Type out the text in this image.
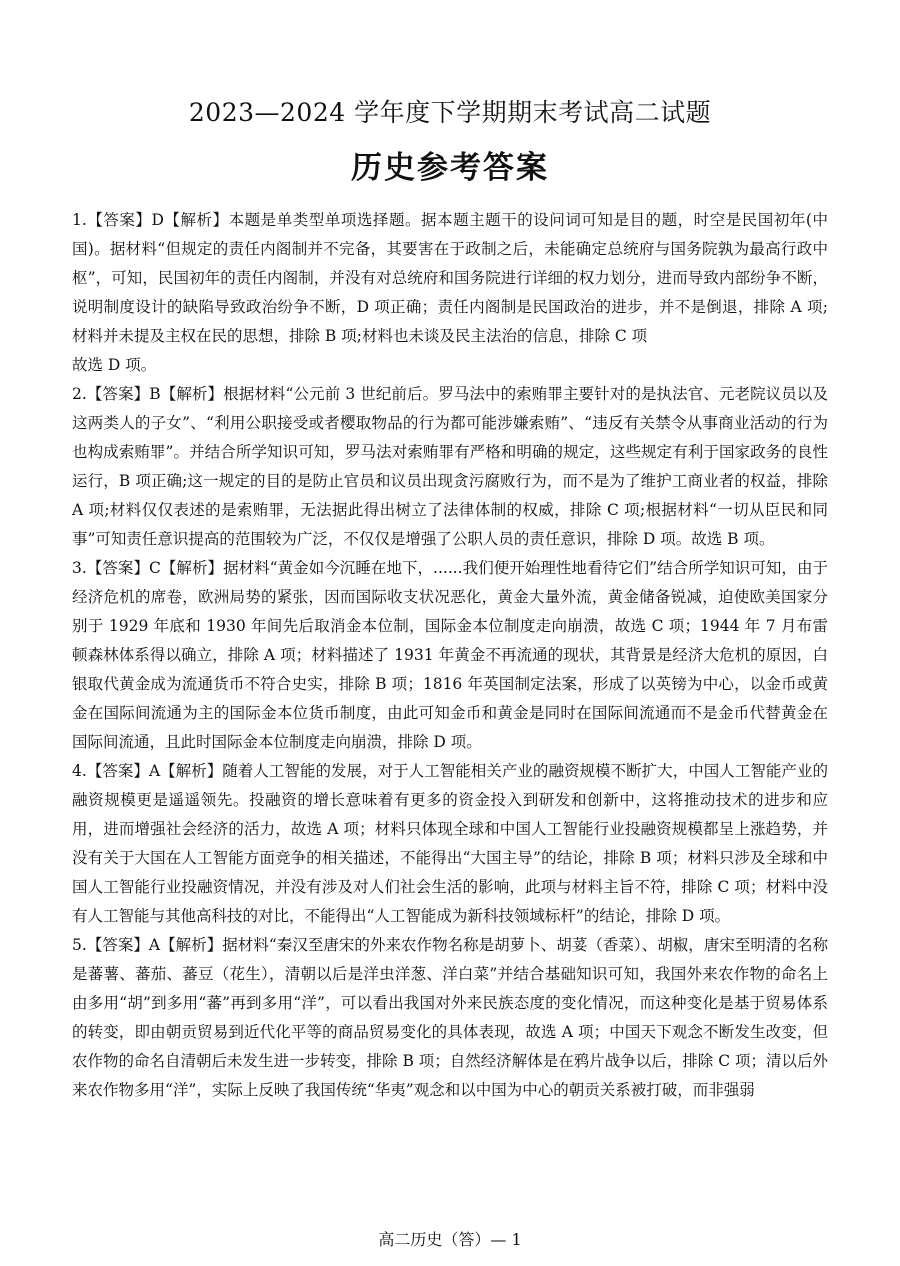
2023—2024 学年度下学期期末考试高二试题
历史参考答案

1.【答案】D【解析】本题是单类型单项选择题。据本题主题干的设问词可知是目的题，时空是民国初年(中国)。据材料“但规定的责任内阁制并不完备，其要害在于政制之后，未能确定总统府与国务院孰为最高行政中枢”，可知，民国初年的责任内阁制，并没有对总统府和国务院进行详细的权力划分，进而导致内部纷争不断，说明制度设计的缺陷导致政治纷争不断，D 项正确；责任内阁制是民国政治的进步，并不是倒退，排除 A 项;材料并未提及主权在民的思想，排除 B 项;材料也未谈及民主法治的信息，排除 C 项
故选 D 项。

2.【答案】B【解析】根据材料“公元前 3 世纪前后。罗马法中的索贿罪主要针对的是执法官、元老院议员以及这两类人的子女”、“利用公职接受或者樱取物品的行为都可能涉嫌索贿”、“违反有关禁令从事商业活动的行为也构成索贿罪”。并结合所学知识可知，罗马法对索贿罪有严格和明确的规定，这些规定有利于国家政务的良性运行，B 项正确;这一规定的目的是防止官员和议员出现贪污腐败行为，而不是为了维护工商业者的权益，排除 A 项;材料仅仅表述的是索贿罪，无法据此得出树立了法律体制的权威，排除 C 项;根据材料“一切从臣民和同事”可知责任意识提高的范围较为广泛，不仅仅是增强了公职人员的责任意识，排除 D 项。故选 B 项。

3.【答案】C【解析】据材料“黄金如今沉睡在地下，......我们便开始理性地看待它们”结合所学知识可知，由于经济危机的席卷，欧洲局势的紧张，因而国际收支状况恶化，黄金大量外流，黄金储备锐减，迫使欧美国家分别于 1929 年底和 1930 年间先后取消金本位制，国际金本位制度走向崩溃，故选 C 项；1944 年 7 月布雷顿森林体系得以确立，排除 A 项；材料描述了 1931 年黄金不再流通的现状，其背景是经济大危机的原因，白银取代黄金成为流通货币不符合史实，排除 B 项；1816 年英国制定法案，形成了以英镑为中心，以金币或黄金在国际间流通为主的国际金本位货币制度，由此可知金币和黄金是同时在国际间流通而不是金币代替黄金在国际间流通，且此时国际金本位制度走向崩溃，排除 D 项。

4.【答案】A【解析】随着人工智能的发展，对于人工智能相关产业的融资规模不断扩大，中国人工智能产业的融资规模更是遥遥领先。投融资的增长意味着有更多的资金投入到研发和创新中，这将推动技术的进步和应用，进而增强社会经济的活力，故选 A 项；材料只体现全球和中国人工智能行业投融资规模都呈上涨趋势，并没有关于大国在人工智能方面竞争的相关描述，不能得出“大国主导”的结论，排除 B 项；材料只涉及全球和中国人工智能行业投融资情况，并没有涉及对人们社会生活的影响，此项与材料主旨不符，排除 C 项；材料中没有人工智能与其他高科技的对比，不能得出“人工智能成为新科技领域标杆”的结论，排除 D 项。

5.【答案】A【解析】据材料“秦汉至唐宋的外来农作物名称是胡萝卜、胡荽（香菜）、胡椒，唐宋至明清的名称是蕃薯、蕃茄、蕃豆（花生），清朝以后是洋虫洋葱、洋白菜”并结合基础知识可知，我国外来农作物的命名上由多用“胡”到多用“蕃”再到多用“洋”，可以看出我国对外来民族态度的变化情况，而这种变化是基于贸易体系的转变，即由朝贡贸易到近代化平等的商品贸易变化的具体表现，故选 A 项；中国天下观念不断发生改变，但农作物的命名自清朝后未发生进一步转变，排除 B 项；自然经济解体是在鸦片战争以后，排除 C 项；清以后外来农作物多用“洋”，实际上反映了我国传统“华夷”观念和以中国为中心的朝贡关系被打破，而非强弱

高二历史（答）— 1
